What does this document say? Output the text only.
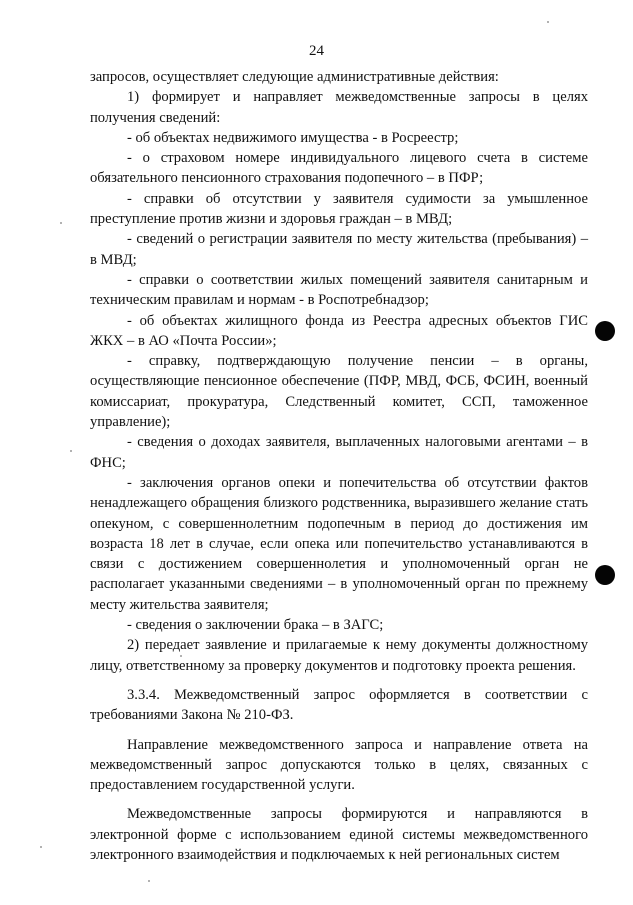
24

запросов, осуществляет следующие административные действия:

1) формирует и направляет межведомственные запросы в целях получения сведений:

- об объектах недвижимого имущества - в Росреестр;

- о страховом номере индивидуального лицевого счета в системе обязательного пенсионного страхования подопечного – в ПФР;

- справки об отсутствии у заявителя судимости за умышленное преступление против жизни и здоровья граждан – в МВД;

- сведений о регистрации заявителя по месту жительства (пребывания) – в МВД;

- справки о соответствии жилых помещений заявителя санитарным и техническим правилам и нормам - в Роспотребнадзор;

- об объектах жилищного фонда из Реестра адресных объектов ГИС ЖКХ – в АО «Почта России»;

- справку, подтверждающую получение пенсии – в органы, осуществляющие пенсионное обеспечение (ПФР, МВД, ФСБ, ФСИН, военный комиссариат, прокуратура, Следственный комитет, ССП, таможенное управление);

- сведения о доходах заявителя, выплаченных налоговыми агентами – в ФНС;

- заключения органов опеки и попечительства об отсутствии фактов ненадлежащего обращения близкого родственника, выразившего желание стать опекуном, с совершеннолетним подопечным в период до достижения им возраста 18 лет в случае, если опека или попечительство устанавливаются в связи с достижением совершеннолетия и уполномоченный орган не располагает указанными сведениями – в уполномоченный орган по прежнему месту жительства заявителя;

- сведения о заключении брака – в ЗАГС;

2) передает заявление и прилагаемые к нему документы должностному лицу, ответственному за проверку документов и подготовку проекта решения.

3.3.4. Межведомственный запрос оформляется в соответствии с требованиями Закона № 210-ФЗ.

Направление межведомственного запроса и направление ответа на межведомственный запрос допускаются только в целях, связанных с предоставлением государственной услуги.

Межведомственные запросы формируются и направляются в электронной форме с использованием единой системы межведомственного электронного взаимодействия и подключаемых к ней региональных систем
